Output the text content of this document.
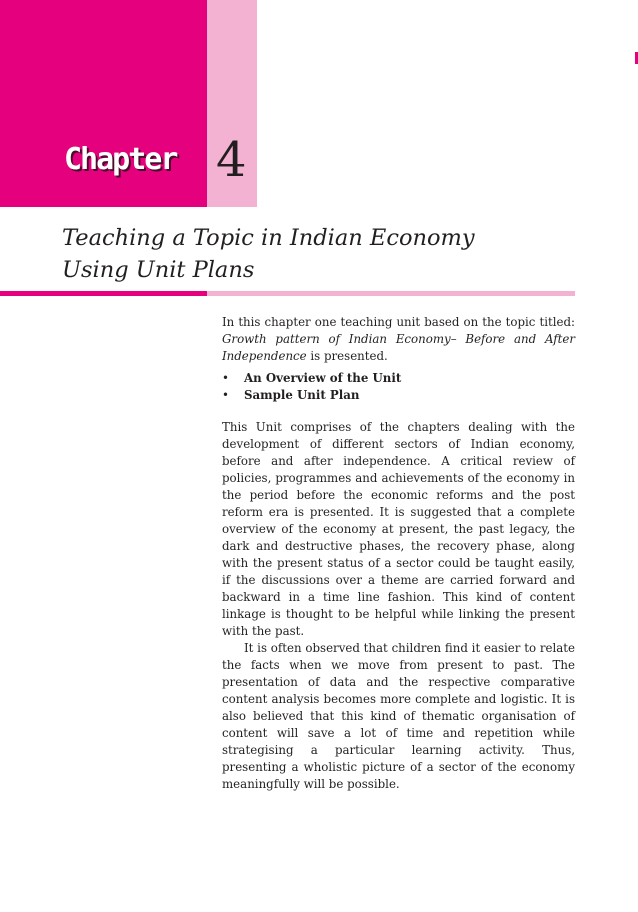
Chapter 4
Teaching a Topic in Indian Economy
Using Unit Plans

In this chapter one teaching unit based on the topic titled: Growth pattern of Indian Economy– Before and After Independence is presented.

• An Overview of the Unit
• Sample Unit Plan

This Unit comprises of the chapters dealing with the development of different sectors of Indian economy, before and after independence. A critical review of policies, programmes and achievements of the economy in the period before the economic reforms and the post reform era is presented. It is suggested that a complete overview of the economy at present, the past legacy, the dark and destructive phases, the recovery phase, along with the present status of a sector could be taught easily, if the discussions over a theme are carried forward and backward in a time line fashion. This kind of content linkage is thought to be helpful while linking the present with the past.

It is often observed that children find it easier to relate the facts when we move from present to past. The presentation of data and the respective comparative content analysis becomes more complete and logistic. It is also believed that this kind of thematic organisation of content will save a lot of time and repetition while strategising a particular learning activity. Thus, presenting a wholistic picture of a sector of the economy meaningfully will be possible.
